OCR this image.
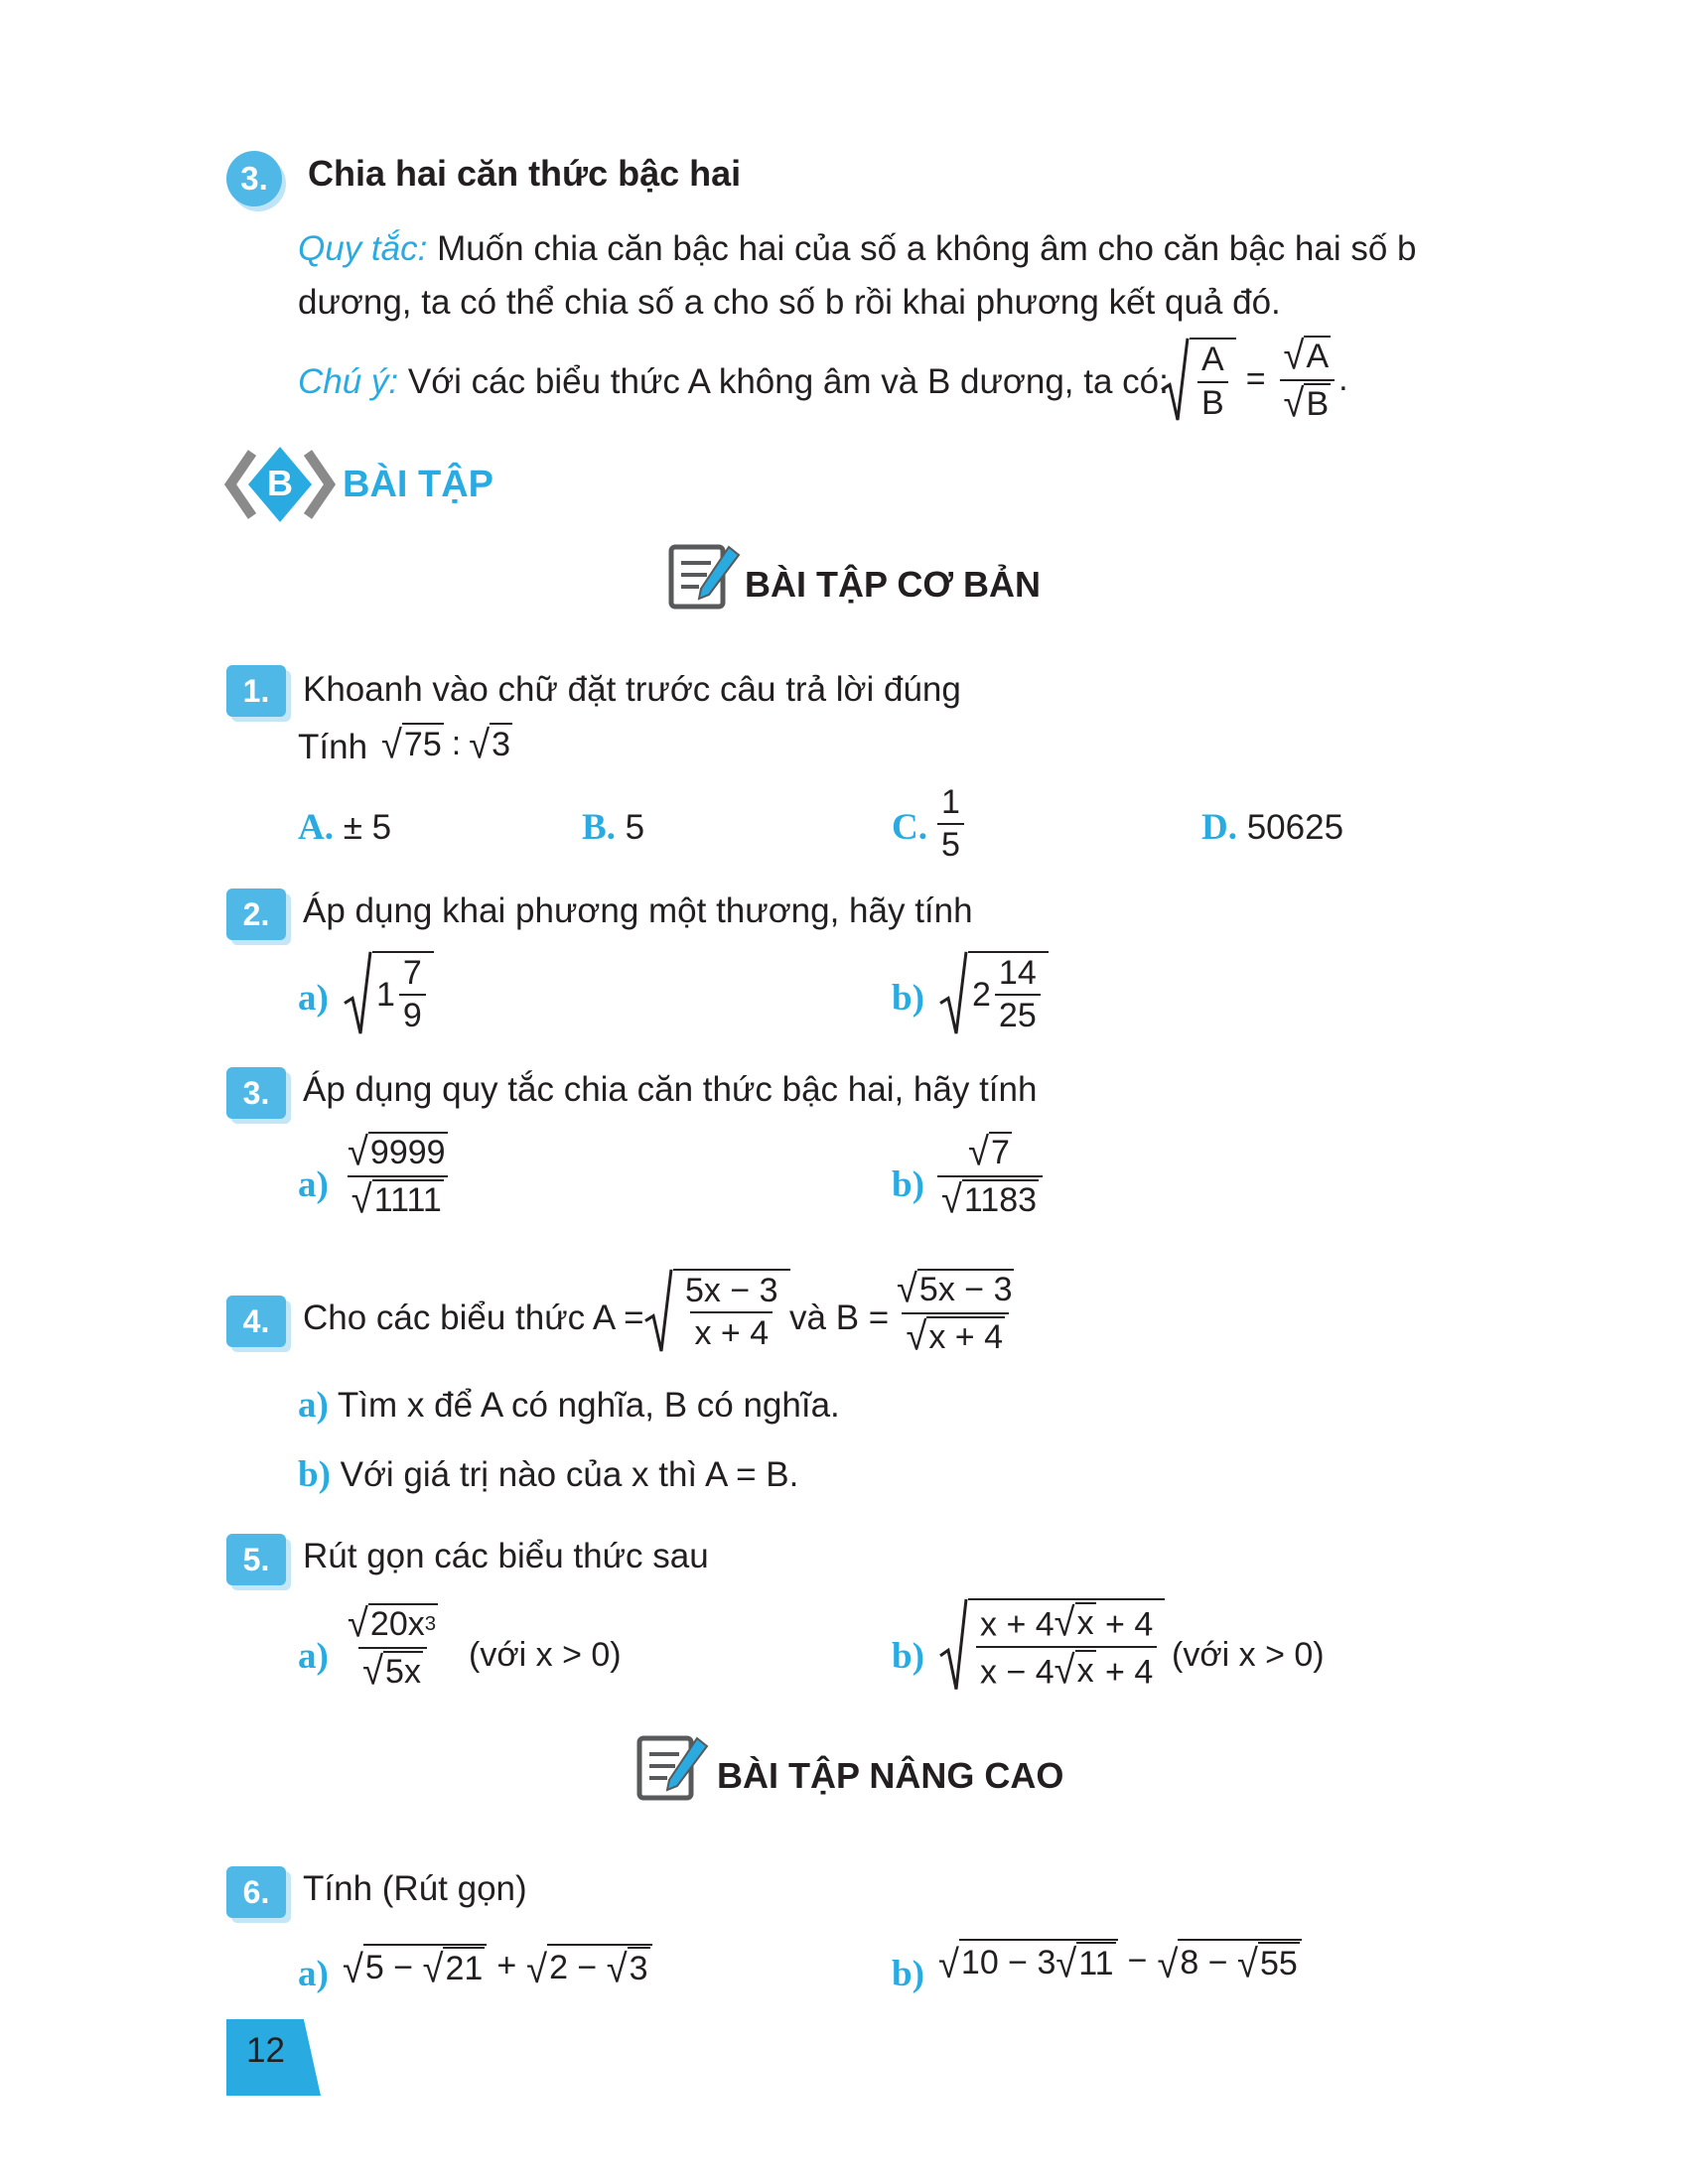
3.	Chia hai căn thức bậc hai
Quy tắc: Muốn chia căn bậc hai của số a không âm cho căn bậc hai số b
dương, ta có thể chia số a cho số b rồi khai phương kết quả đó.
Chú ý: Với các biểu thức A không âm và B dương, ta có: $\frac{A}{B} = \frac{√ A}{√ B}$ .
B	BÀI TẬP
BÀI TẬP CƠ BẢN
1. Khoanh vào chữ đặt trước câu trả lời đúng
Tính √ 75 : √ 3
A. ± 5	B. 5	C. $\frac{1}{5}$	D. 50625
2. Áp dụng khai phương một thương, hãy tính
a) $1 \frac{7}{9}$	b) $2 \frac{14}{25}$
3. Áp dụng quy tắc chia căn thức bậc hai, hãy tính
$a) \frac{√ 9999}{√ 1111}$	$b) \frac{√ 7}{√ 1183}$
4. Cho các biểu thức $A = \frac{5x - 3}{x + 4}$ và $B = \frac{√ 5x - 3}{√ x + 4}$
a) Tìm x để A có nghĩa, B có nghĩa.
b) Với giá trị nào của x thì A = B.
5. Rút gọn các biểu thức sau
$a) \frac{√ 20x 3}{√ 5x}$ (với x > 0)	$b) \frac{x + 4 √ x + 4}{x - 4 √ x + 4}$ (với x > 0)
BÀI TẬP NÂNG CAO
6. Tính (Rút gọn)
a) √ 5 −
√ 21 + √ 2 −
√ 3	b) √ 10 − 3 √ 11 − √ 8 −
√ 55
12
